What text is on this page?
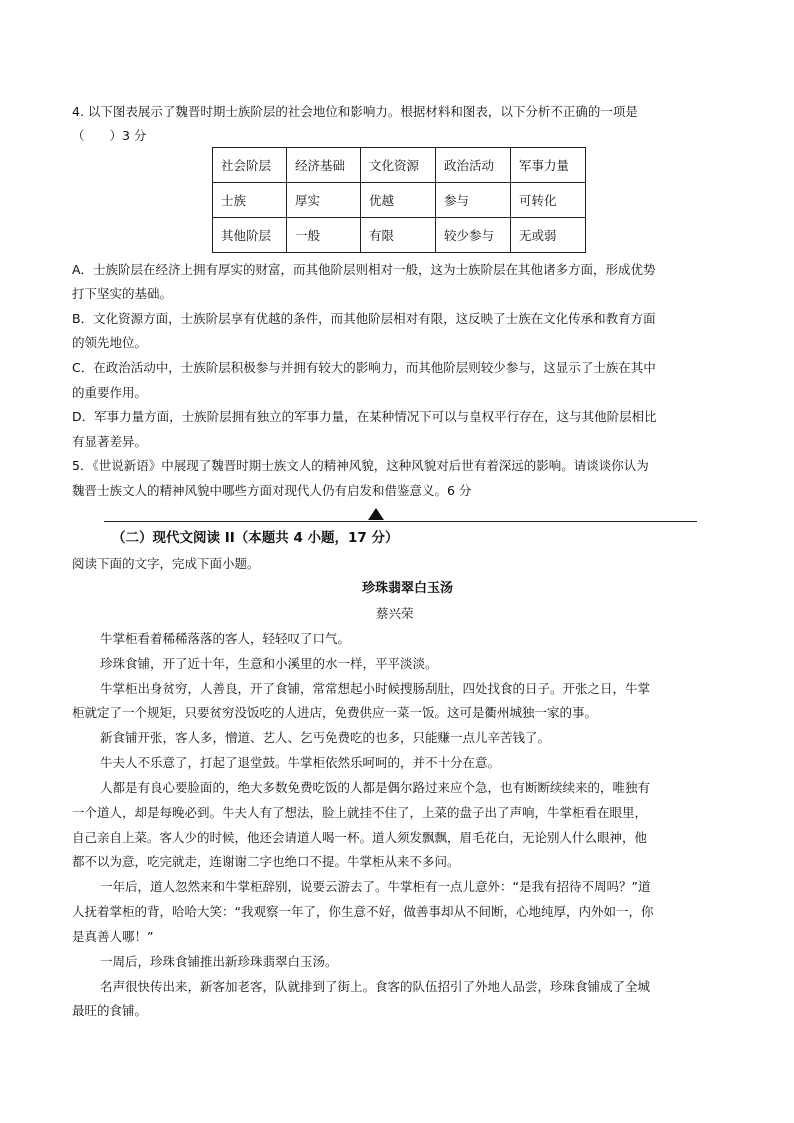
4. 以下图表展示了魏晋时期士族阶层的社会地位和影响力。根据材料和图表，以下分析不正确的一项是
（　　）3 分
社会阶层	经济基础	文化资源	政治活动	军事力量
士族	厚实	优越	参与	可转化
其他阶层	一般	有限	较少参与	无或弱
A．士族阶层在经济上拥有厚实的财富，而其他阶层则相对一般，这为士族阶层在其他诸多方面，形成优势
打下坚实的基础。
B．文化资源方面，士族阶层享有优越的条件，而其他阶层相对有限，这反映了士族在文化传承和教育方面
的领先地位。
C．在政治活动中，士族阶层积极参与并拥有较大的影响力，而其他阶层则较少参与，这显示了士族在其中
的重要作用。
D．军事力量方面，士族阶层拥有独立的军事力量，在某种情况下可以与皇权平行存在，这与其他阶层相比
有显著差异。
5．《世说新语》中展现了魏晋时期士族文人的精神风貌，这种风貌对后世有着深远的影响。请谈谈你认为
魏晋士族文人的精神风貌中哪些方面对现代人仍有启发和借鉴意义。6 分
（二）现代文阅读 II（本题共 4 小题，17 分）
阅读下面的文字，完成下面小题。
珍珠翡翠白玉汤
蔡兴荣
牛掌柜看着稀稀落落的客人，轻轻叹了口气。
珍珠食铺，开了近十年，生意和小溪里的水一样，平平淡淡。
牛掌柜出身贫穷，人善良，开了食铺，常常想起小时候搜肠刮肚，四处找食的日子。开张之日，牛掌
柜就定了一个规矩，只要贫穷没饭吃的人进店，免费供应一菜一饭。这可是衢州城独一家的事。
新食铺开张，客人多，憎道、艺人、乞丐免费吃的也多，只能赚一点儿辛苦钱了。
牛夫人不乐意了，打起了退堂鼓。牛掌柜依然乐呵呵的，并不十分在意。
人都是有良心要脸面的，绝大多数免费吃饭的人都是偶尔路过来应个急，也有断断续续来的，唯独有
一个道人，却是每晚必到。牛夫人有了想法，脸上就挂不住了，上菜的盘子出了声响，牛掌柜看在眼里，
自己亲自上菜。客人少的时候，他还会请道人喝一杯。道人须发飘飘，眉毛花白，无论别人什么眼神，他
都不以为意，吃完就走，连谢谢二字也绝口不提。牛掌柜从来不多问。
一年后，道人忽然来和牛掌柜辞别，说要云游去了。牛掌柜有一点儿意外：“是我有招待不周吗？”道
人抚着掌柜的背，哈哈大笑：“我观察一年了，你生意不好，做善事却从不间断，心地纯厚，内外如一，你
是真善人哪！”
一周后，珍珠食铺推出新珍珠翡翠白玉汤。
名声很快传出来，新客加老客，队就排到了街上。食客的队伍招引了外地人品尝，珍珠食铺成了全城
最旺的食铺。
